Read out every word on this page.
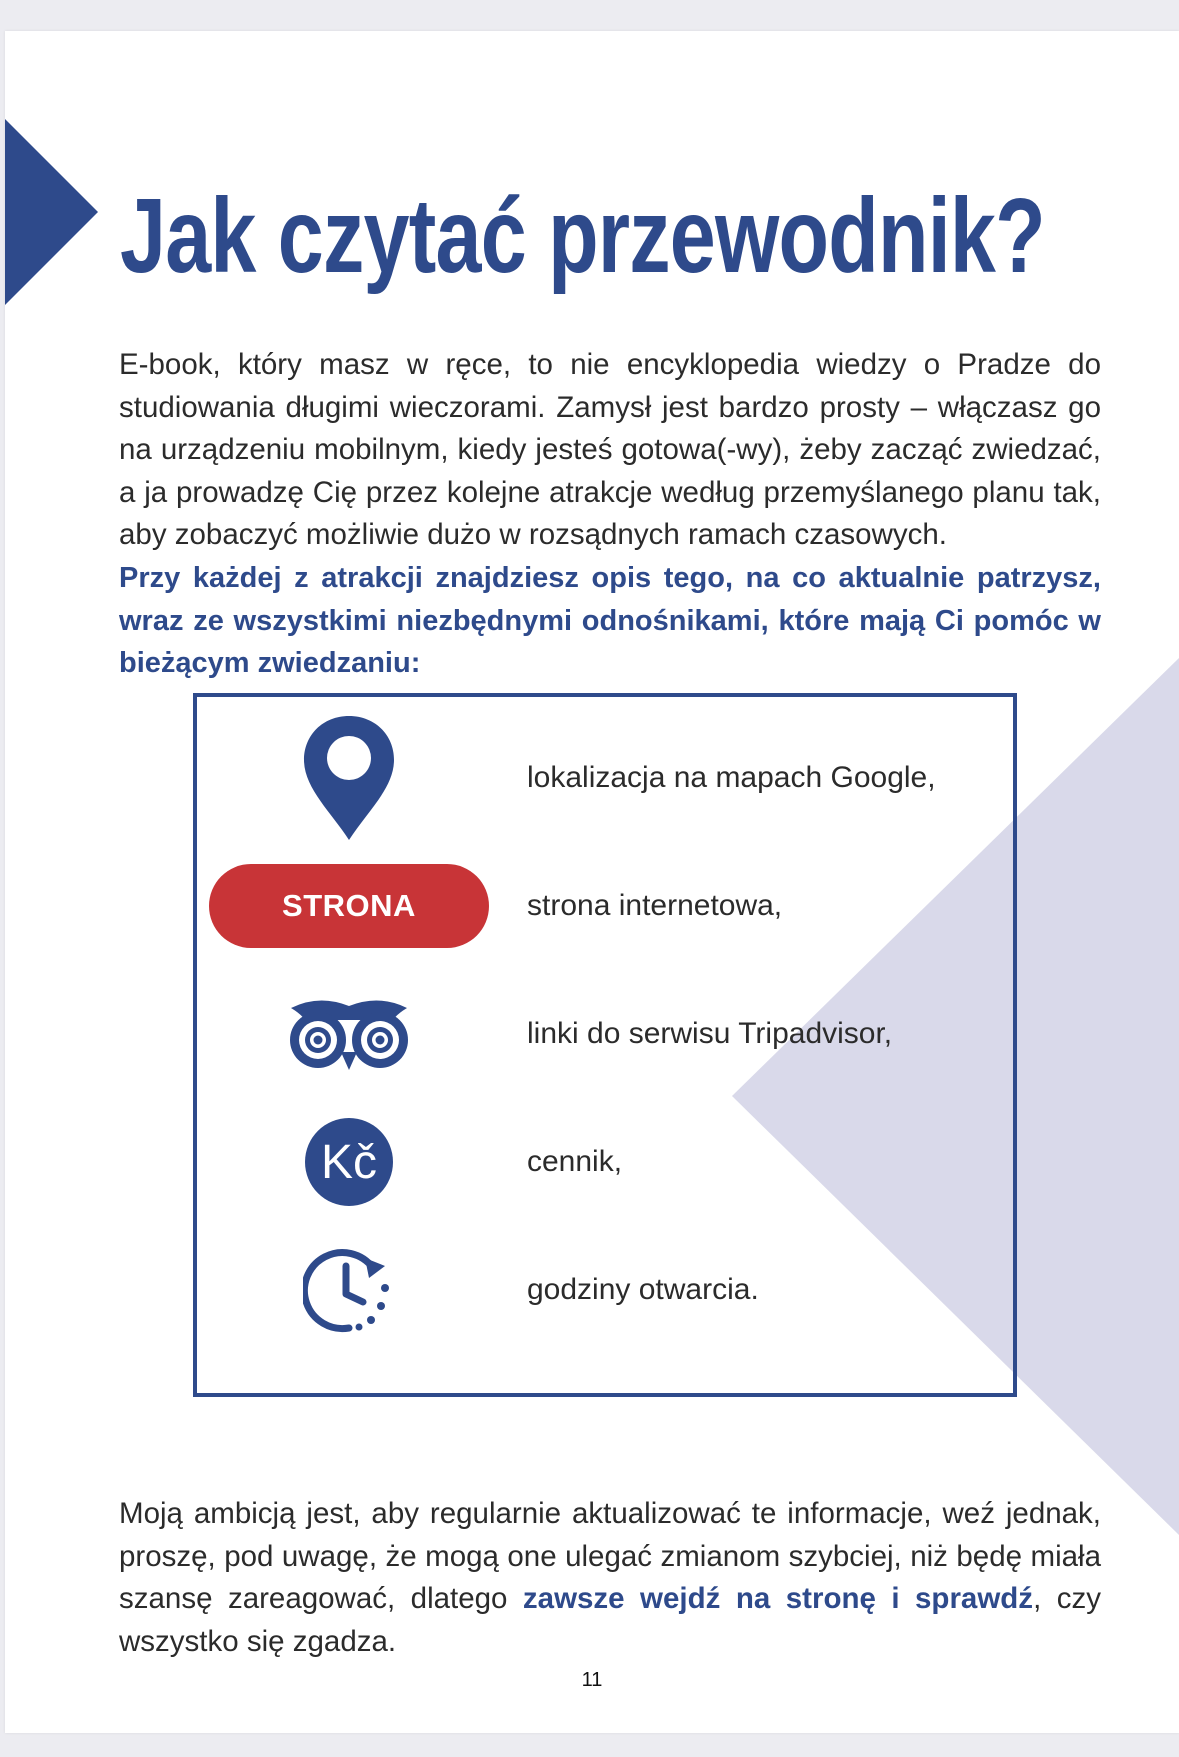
Jak czytać przewodnik?

E-book, który masz w ręce, to nie encyklopedia wiedzy o Pradze do studiowania długimi wieczorami. Zamysł jest bardzo prosty – włączasz go na urządzeniu mobilnym, kiedy jesteś gotowa(-wy), żeby zacząć zwiedzać, a ja prowadzę Cię przez kolejne atrakcje według przemyślanego planu tak, aby zobaczyć możliwie dużo w rozsądnych ramach czasowych.

Przy każdej z atrakcji znajdziesz opis tego, na co aktualnie patrzysz, wraz ze wszystkimi niezbędnymi odnośnikami, które mają Ci pomóc w bieżącym zwiedzaniu:

lokalizacja na mapach Google,
STRONA	strona internetowa,
linki do serwisu Tripadvisor,
Kč	cennik,
godziny otwarcia.

Moją ambicją jest, aby regularnie aktualizować te informacje, weź jednak, proszę, pod uwagę, że mogą one ulegać zmianom szybciej, niż będę miała szansę zareagować, dlatego zawsze wejdź na stronę i sprawdź, czy wszystko się zgadza.

11
